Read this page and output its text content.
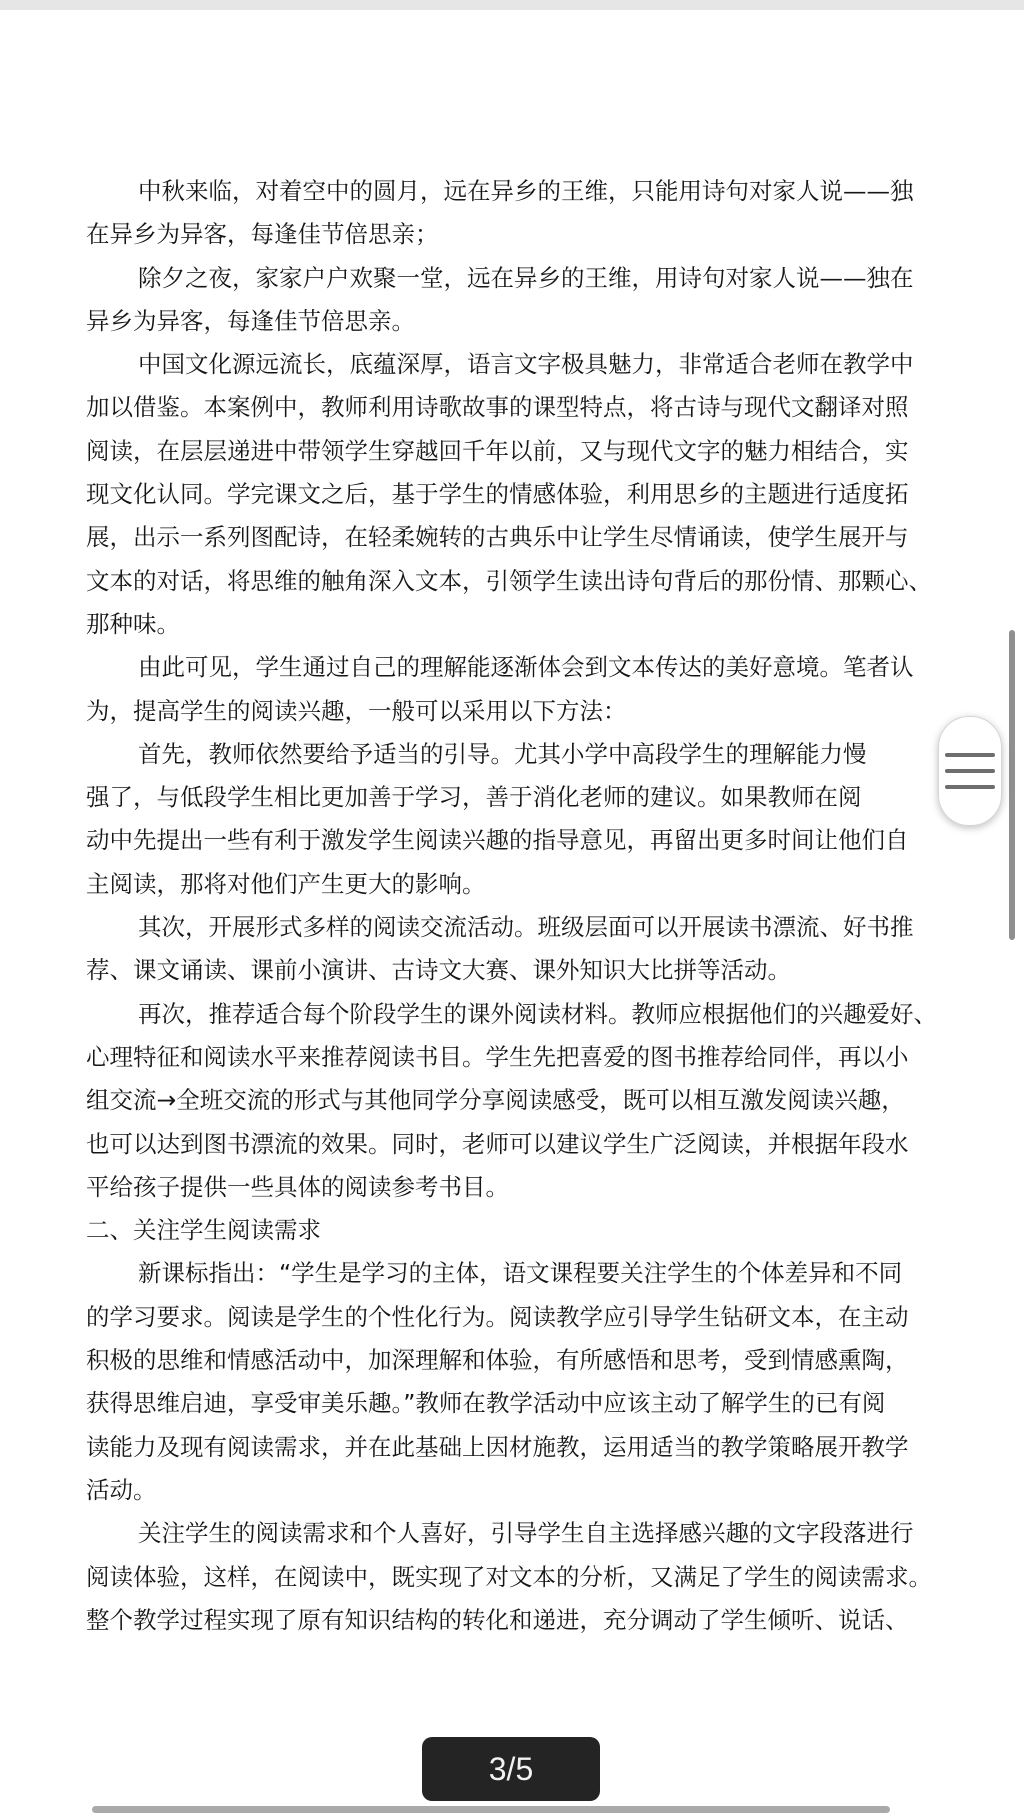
中秋来临，对着空中的圆月，远在异乡的王维，只能用诗句对家人说——独
在异乡为异客，每逢佳节倍思亲；

除夕之夜，家家户户欢聚一堂，远在异乡的王维，用诗句对家人说——独在
异乡为异客，每逢佳节倍思亲。

中国文化源远流长，底蕴深厚，语言文字极具魅力，非常适合老师在教学中
加以借鉴。本案例中，教师利用诗歌故事的课型特点，将古诗与现代文翻译对照
阅读，在层层递进中带领学生穿越回千年以前，又与现代文字的魅力相结合，实
现文化认同。学完课文之后，基于学生的情感体验，利用思乡的主题进行适度拓
展，出示一系列图配诗，在轻柔婉转的古典乐中让学生尽情诵读，使学生展开与
文本的对话，将思维的触角深入文本，引领学生读出诗句背后的那份情、那颗心、
那种味。

由此可见，学生通过自己的理解能逐渐体会到文本传达的美好意境。笔者认
为，提高学生的阅读兴趣，一般可以采用以下方法：

首先，教师依然要给予适当的引导。尤其小学中高段学生的理解能力慢
强了，与低段学生相比更加善于学习，善于消化老师的建议。如果教师在阅
动中先提出一些有利于激发学生阅读兴趣的指导意见，再留出更多时间让他们自
主阅读，那将对他们产生更大的影响。

其次，开展形式多样的阅读交流活动。班级层面可以开展读书漂流、好书推
荐、课文诵读、课前小演讲、古诗文大赛、课外知识大比拼等活动。

再次，推荐适合每个阶段学生的课外阅读材料。教师应根据他们的兴趣爱好、
心理特征和阅读水平来推荐阅读书目。学生先把喜爱的图书推荐给同伴，再以小
组交流→全班交流的形式与其他同学分享阅读感受，既可以相互激发阅读兴趣，
也可以达到图书漂流的效果。同时，老师可以建议学生广泛阅读，并根据年段水
平给孩子提供一些具体的阅读参考书目。

二、关注学生阅读需求

新课标指出：“学生是学习的主体，语文课程要关注学生的个体差异和不同
的学习要求。阅读是学生的个性化行为。阅读教学应引导学生钻研文本，在主动
积极的思维和情感活动中，加深理解和体验，有所感悟和思考，受到情感熏陶，
获得思维启迪，享受审美乐趣。”教师在教学活动中应该主动了解学生的已有阅
读能力及现有阅读需求，并在此基础上因材施教，运用适当的教学策略展开教学
活动。

关注学生的阅读需求和个人喜好，引导学生自主选择感兴趣的文字段落进行
阅读体验，这样，在阅读中，既实现了对文本的分析，又满足了学生的阅读需求。
整个教学过程实现了原有知识结构的转化和递进，充分调动了学生倾听、说话、

3/5
